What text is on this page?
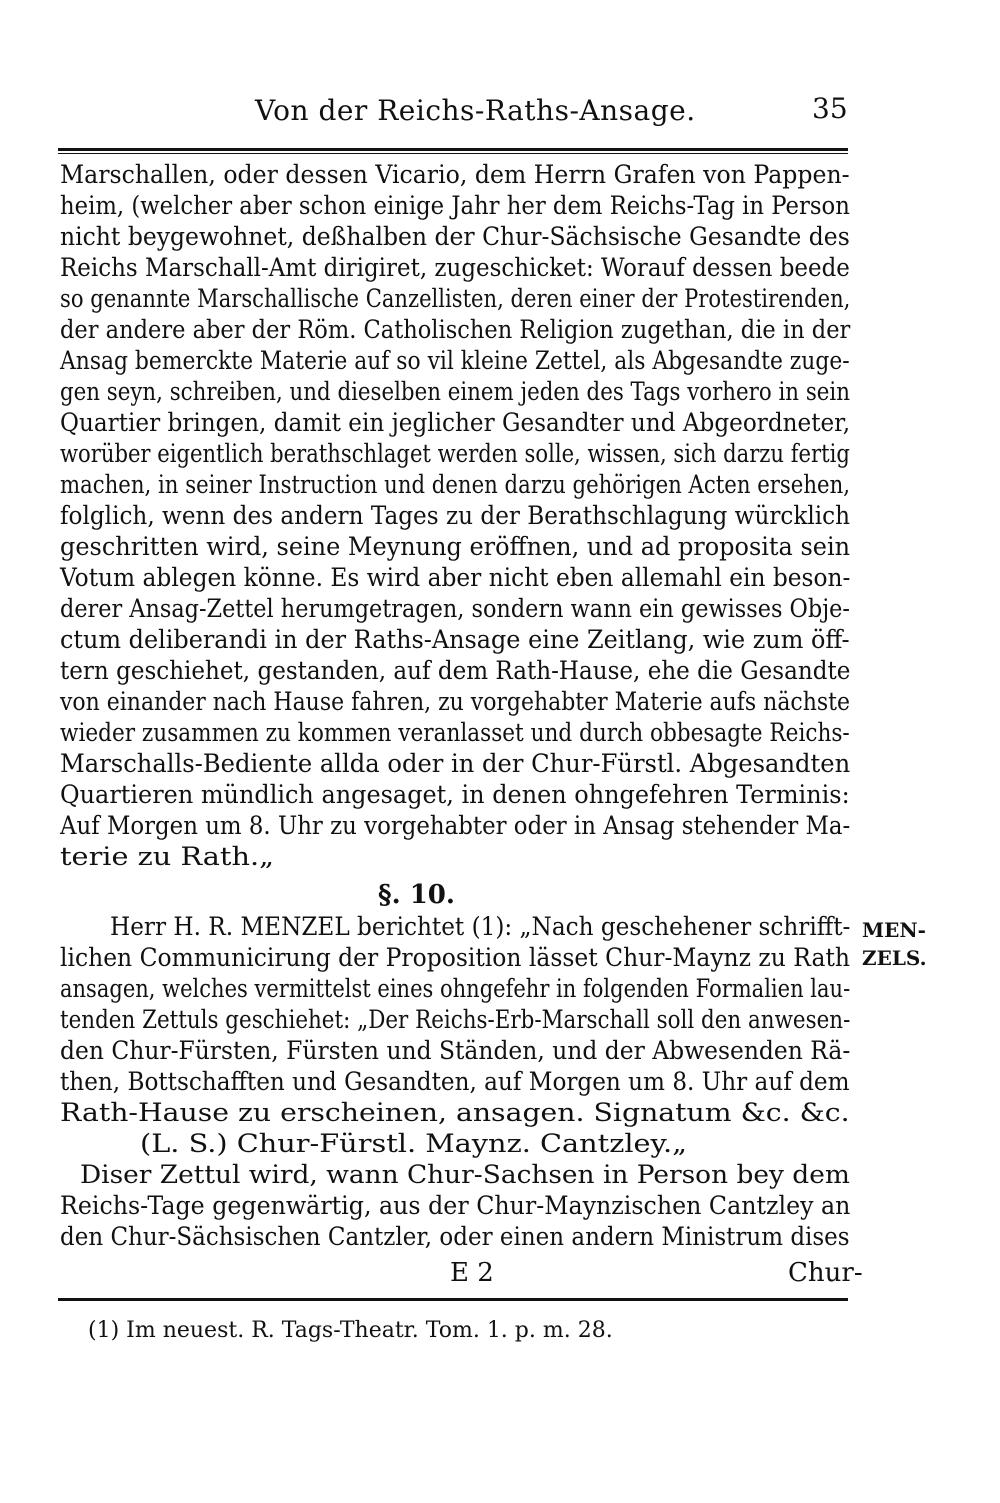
Von der Reichs-Raths-Ansage.	35
Marschallen, oder dessen Vicario, dem Herrn Grafen von Pappen-
heim, (welcher aber schon einige Jahr her dem Reichs-Tag in Person
nicht beygewohnet, deßhalben der Chur-Sächsische Gesandte des
Reichs Marschall-Amt dirigiret, zugeschicket: Worauf dessen beede
so genannte Marschallische Canzellisten, deren einer der Protestirenden,
der andere aber der Röm. Catholischen Religion zugethan, die in der
Ansag bemerckte Materie auf so vil kleine Zettel, als Abgesandte zuge-
gen seyn, schreiben, und dieselben einem jeden des Tags vorhero in sein
Quartier bringen, damit ein jeglicher Gesandter und Abgeordneter,
worüber eigentlich berathschlaget werden solle, wissen, sich darzu fertig
machen, in seiner Instruction und denen darzu gehörigen Acten ersehen,
folglich, wenn des andern Tages zu der Berathschlagung würcklich
geschritten wird, seine Meynung eröffnen, und ad proposita sein
Votum ablegen könne. Es wird aber nicht eben allemahl ein beson-
derer Ansag-Zettel herumgetragen, sondern wann ein gewisses Obje-
ctum deliberandi in der Raths-Ansage eine Zeitlang, wie zum öff-
tern geschiehet, gestanden, auf dem Rath-Hause, ehe die Gesandte
von einander nach Hause fahren, zu vorgehabter Materie aufs nächste
wieder zusammen zu kommen veranlasset und durch obbesagte Reichs-
Marschalls-Bediente allda oder in der Chur-Fürstl. Abgesandten
Quartieren mündlich angesaget, in denen ohngefehren Terminis:
Auf Morgen um 8. Uhr zu vorgehabter oder in Ansag stehender Ma-
terie zu Rath.„
§. 10.
Herr H. R. MENZEL berichtet (1): „Nach geschehener schrifft-
lichen Communicirung der Proposition lässet Chur-Maynz zu Rath
ansagen, welches vermittelst eines ohngefehr in folgenden Formalien lau-
tenden Zettuls geschiehet: „Der Reichs-Erb-Marschall soll den anwesen-
den Chur-Fürsten, Fürsten und Ständen, und der Abwesenden Rä-
then, Bottschafften und Gesandten, auf Morgen um 8. Uhr auf dem
Rath-Hause zu erscheinen, ansagen. Signatum &c. &c.
(L. S.) Chur-Fürstl. Maynz. Cantzley.„
Diser Zettul wird, wann Chur-Sachsen in Person bey dem
Reichs-Tage gegenwärtig, aus der Chur-Maynzischen Cantzley an
den Chur-Sächsischen Cantzler, oder einen andern Ministrum dises
MEN-
ZELS.
E 2	Chur-
(1) Im neuest. R. Tags-Theatr. Tom. 1. p. m. 28.
